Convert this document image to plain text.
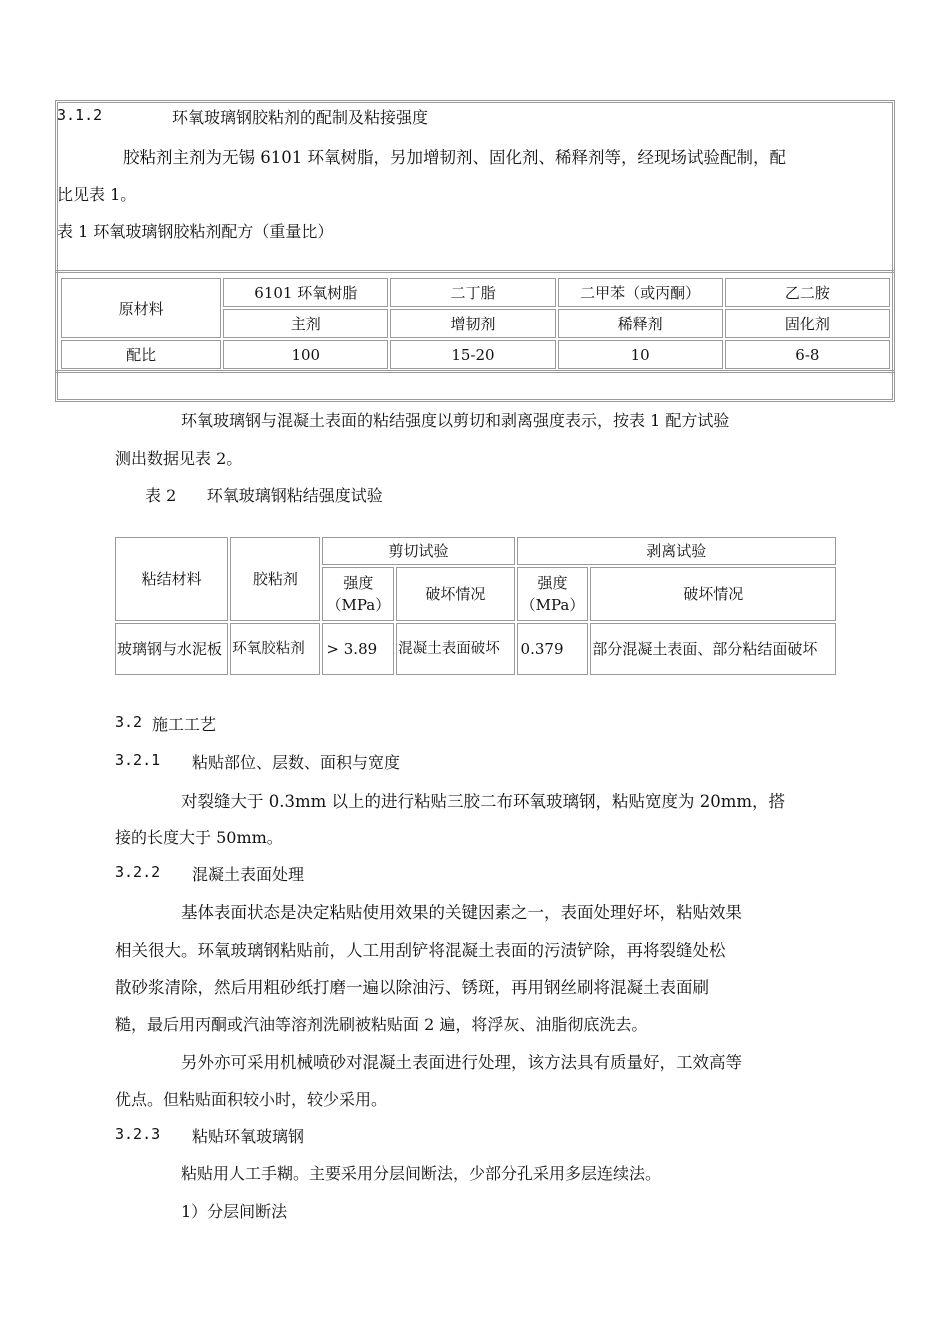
3.1.2	环氧玻璃钢胶粘剂的配制及粘接强度
胶粘剂主剂为无锡 6101 环氧树脂，另加增韧剂、固化剂、稀释剂等，经现场试验配制，配
比见表 1。
表 1 环氧玻璃钢胶粘剂配方（重量比）
原材料	6101 环氧树脂	二丁脂	二甲苯（或丙酮）	乙二胺
	主剂	增韧剂	稀释剂	固化剂
配比	100	15-20	10	6-8
环氧玻璃钢与混凝土表面的粘结强度以剪切和剥离强度表示，按表 1 配方试验
测出数据见表 2。
表 2      环氧玻璃钢粘结强度试验
粘结材料	胶粘剂	剪切试验		剥离试验	
		强度（MPa）	破坏情况	强度（MPa）	破坏情况
玻璃钢与水泥板	环氧胶粘剂	> 3.89	混凝土表面破坏	0.379	部分混凝土表面、部分粘结面破坏
3.2 施工工艺
3.2.1 粘贴部位、层数、面积与宽度
对裂缝大于 0.3mm 以上的进行粘贴三胶二布环氧玻璃钢，粘贴宽度为 20mm，搭
接的长度大于 50mm。
3.2.2 混凝土表面处理
基体表面状态是决定粘贴使用效果的关键因素之一，表面处理好坏，粘贴效果
相关很大。环氧玻璃钢粘贴前，人工用刮铲将混凝土表面的污渍铲除，再将裂缝处松
散砂浆清除，然后用粗砂纸打磨一遍以除油污、锈斑，再用钢丝刷将混凝土表面刷
糙，最后用丙酮或汽油等溶剂洗刷被粘贴面 2 遍，将浮灰、油脂彻底洗去。
另外亦可采用机械喷砂对混凝土表面进行处理，该方法具有质量好，工效高等
优点。但粘贴面积较小时，较少采用。
3.2.3 粘贴环氧玻璃钢
粘贴用人工手糊。主要采用分层间断法，少部分孔采用多层连续法。
1）分层间断法
